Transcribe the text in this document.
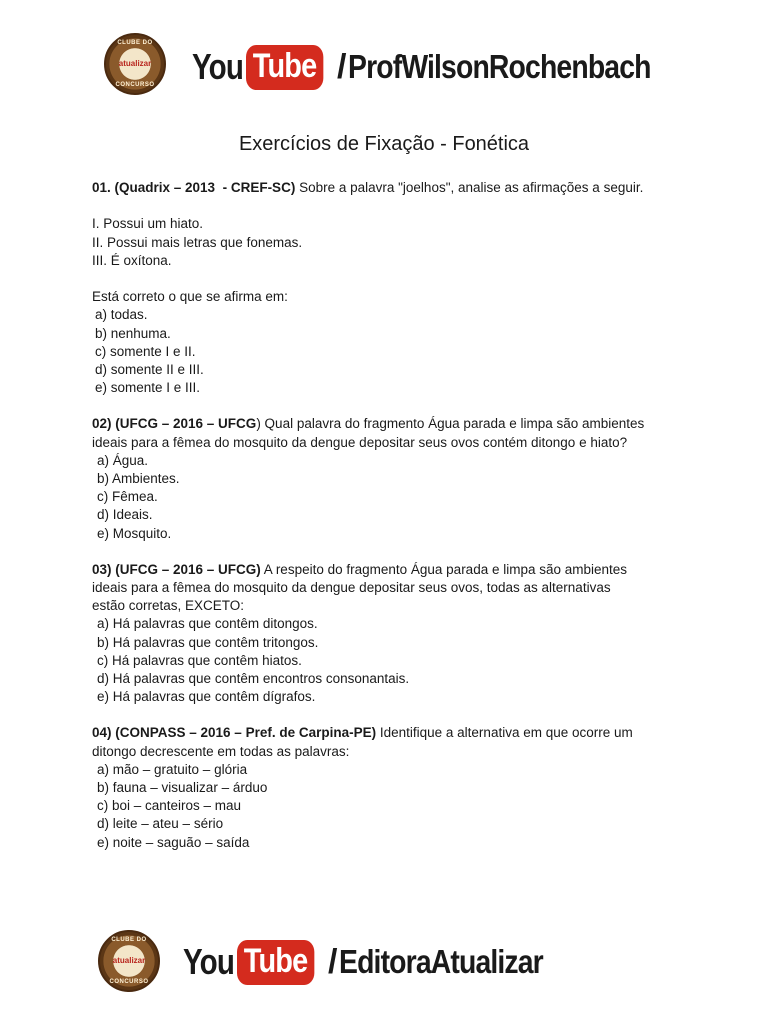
CLUBE DO
atualizar
CONCURSO You Tube / ProfWilsonRochenbach
Exercícios de Fixação - Fonética

01. (Quadrix – 2013  - CREF-SC) Sobre a palavra "joelhos", analise as afirmações a seguir.

I. Possui um hiato.

II. Possui mais letras que fonemas.

III. É oxítona.

Está correto o que se afirma em:

a) todas.

b) nenhuma.

c) somente I e II.

d) somente II e III.

e) somente I e III.

02) (UFCG – 2016 – UFCG) Qual palavra do fragmento Água parada e limpa são ambientes

ideais para a fêmea do mosquito da dengue depositar seus ovos contém ditongo e hiato?

a) Água.

b) Ambientes.

c) Fêmea.

d) Ideais.

e) Mosquito.

03) (UFCG – 2016 – UFCG) A respeito do fragmento Água parada e limpa são ambientes

ideais para a fêmea do mosquito da dengue depositar seus ovos, todas as alternativas

estão corretas, EXCETO:

a) Há palavras que contêm ditongos.

b) Há palavras que contêm tritongos.

c) Há palavras que contêm hiatos.

d) Há palavras que contêm encontros consonantais.

e) Há palavras que contêm dígrafos.

04) (CONPASS – 2016 – Pref. de Carpina-PE) Identifique a alternativa em que ocorre um

ditongo decrescente em todas as palavras:

a) mão – gratuito – glória

b) fauna – visualizar – árduo

c) boi – canteiros – mau

d) leite – ateu – sério

e) noite – saguão – saída

CLUBE DO
atualizar
CONCURSO You Tube / EditoraAtualizar
